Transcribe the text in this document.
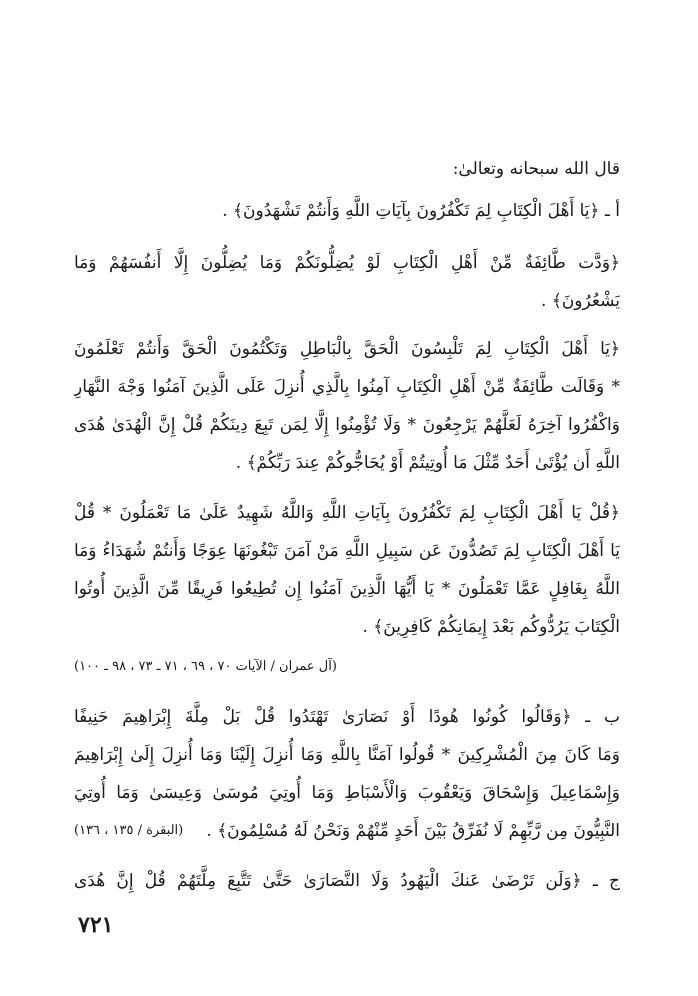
قال الله سبحانه وتعالىٰ:
أ ـ ﴿يَا أَهْلَ الْكِتَابِ لِمَ تَكْفُرُونَ بِآيَاتِ اللَّهِ وَأَنتُمْ تَشْهَدُونَ﴾ .
﴿وَدَّت طَّائِفَةٌ مِّنْ أَهْلِ الْكِتَابِ لَوْ يُضِلُّونَكُمْ وَمَا يُضِلُّونَ إِلَّا أَنفُسَهُمْ وَمَا
يَشْعُرُونَ﴾ .
﴿يَا أَهْلَ الْكِتَابِ لِمَ تَلْبِسُونَ الْحَقَّ بِالْبَاطِلِ وَتَكْتُمُونَ الْحَقَّ وَأَنتُمْ تَعْلَمُونَ
* وَقَالَت طَّائِفَةٌ مِّنْ أَهْلِ الْكِتَابِ آمِنُوا بِالَّذِي أُنزِلَ عَلَى الَّذِينَ آمَنُوا وَجْهَ النَّهَارِ
وَاكْفُرُوا آخِرَهُ لَعَلَّهُمْ يَرْجِعُونَ * وَلَا تُؤْمِنُوا إِلَّا لِمَن تَبِعَ دِينَكُمْ قُلْ إِنَّ الْهُدَىٰ هُدَى
اللَّهِ أَن يُؤْتَىٰ أَحَدٌ مِّثْلَ مَا أُوتِيتُمْ أَوْ يُحَاجُّوكُمْ عِندَ رَبِّكُمْ﴾ .
﴿قُلْ يَا أَهْلَ الْكِتَابِ لِمَ تَكْفُرُونَ بِآيَاتِ اللَّهِ وَاللَّهُ شَهِيدٌ عَلَىٰ مَا تَعْمَلُونَ * قُلْ
يَا أَهْلَ الْكِتَابِ لِمَ تَصُدُّونَ عَن سَبِيلِ اللَّهِ مَنْ آمَنَ تَبْغُونَهَا عِوَجًا وَأَنتُمْ شُهَدَاءُ وَمَا
اللَّهُ بِغَافِلٍ عَمَّا تَعْمَلُونَ * يَا أَيُّهَا الَّذِينَ آمَنُوا إِن تُطِيعُوا فَرِيقًا مِّنَ الَّذِينَ أُوتُوا
الْكِتَابَ يَرُدُّوكُم بَعْدَ إِيمَانِكُمْ كَافِرِينَ﴾ .
(آل عمران / الآيات ٧٠ ، ٦٩ ، ٧١ ـ ٧٣ ، ٩٨ ـ ١٠٠)
ب ـ ﴿وَقَالُوا كُونُوا هُودًا أَوْ نَصَارَىٰ تَهْتَدُوا قُلْ بَلْ مِلَّةَ إِبْرَاهِيمَ حَنِيفًا
وَمَا كَانَ مِنَ الْمُشْرِكِينَ * قُولُوا آمَنَّا بِاللَّهِ وَمَا أُنزِلَ إِلَيْنَا وَمَا أُنزِلَ إِلَىٰ إِبْرَاهِيمَ
وَإِسْمَاعِيلَ وَإِسْحَاقَ وَيَعْقُوبَ وَالْأَسْبَاطِ وَمَا أُوتِيَ مُوسَىٰ وَعِيسَىٰ وَمَا أُوتِيَ
النَّبِيُّونَ مِن رَّبِّهِمْ لَا نُفَرِّقُ بَيْنَ أَحَدٍ مِّنْهُمْ وَنَحْنُ لَهُ مُسْلِمُونَ﴾ .
(البقرة / ١٣٥ ، ١٣٦)
ج ـ ﴿وَلَن تَرْضَىٰ عَنكَ الْيَهُودُ وَلَا النَّصَارَىٰ حَتَّىٰ تَتَّبِعَ مِلَّتَهُمْ قُلْ إِنَّ هُدَى
٧٢١
